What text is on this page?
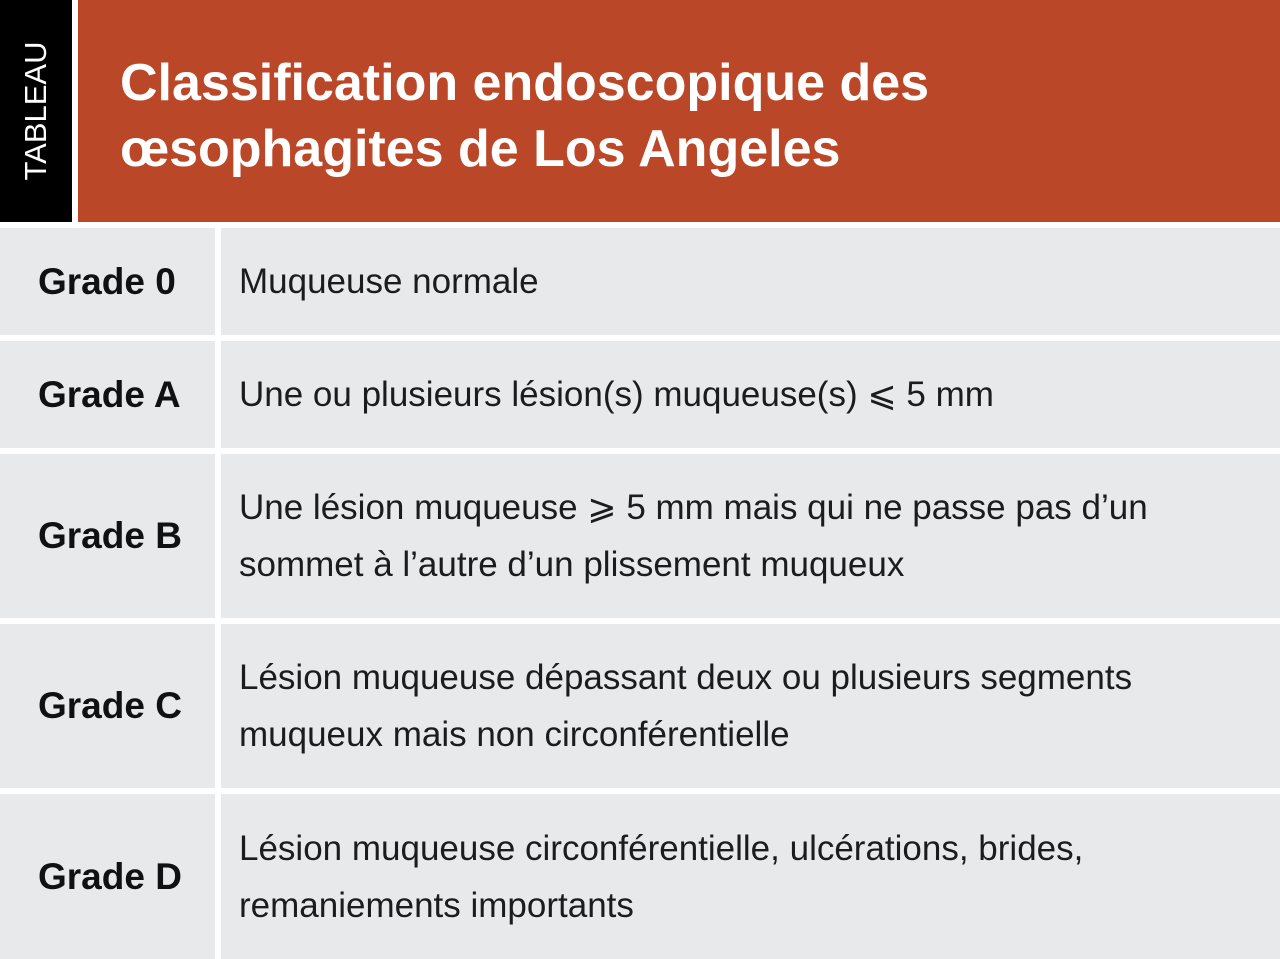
TABLEAU Classification endoscopique des œsophagites de Los Angeles
Grade 0 Muqueuse normale
Grade A Une ou plusieurs lésion(s) muqueuse(s) ⩽ 5 mm
Grade B
Une lésion muqueuse ⩾ 5 mm mais qui ne passe pas d’un sommet à l’autre d’un plissement muqueux
Grade C
Lésion muqueuse dépassant deux ou plusieurs segments muqueux mais non circonférentielle
Grade D
Lésion muqueuse circonférentielle, ulcérations, brides, remaniements importants
